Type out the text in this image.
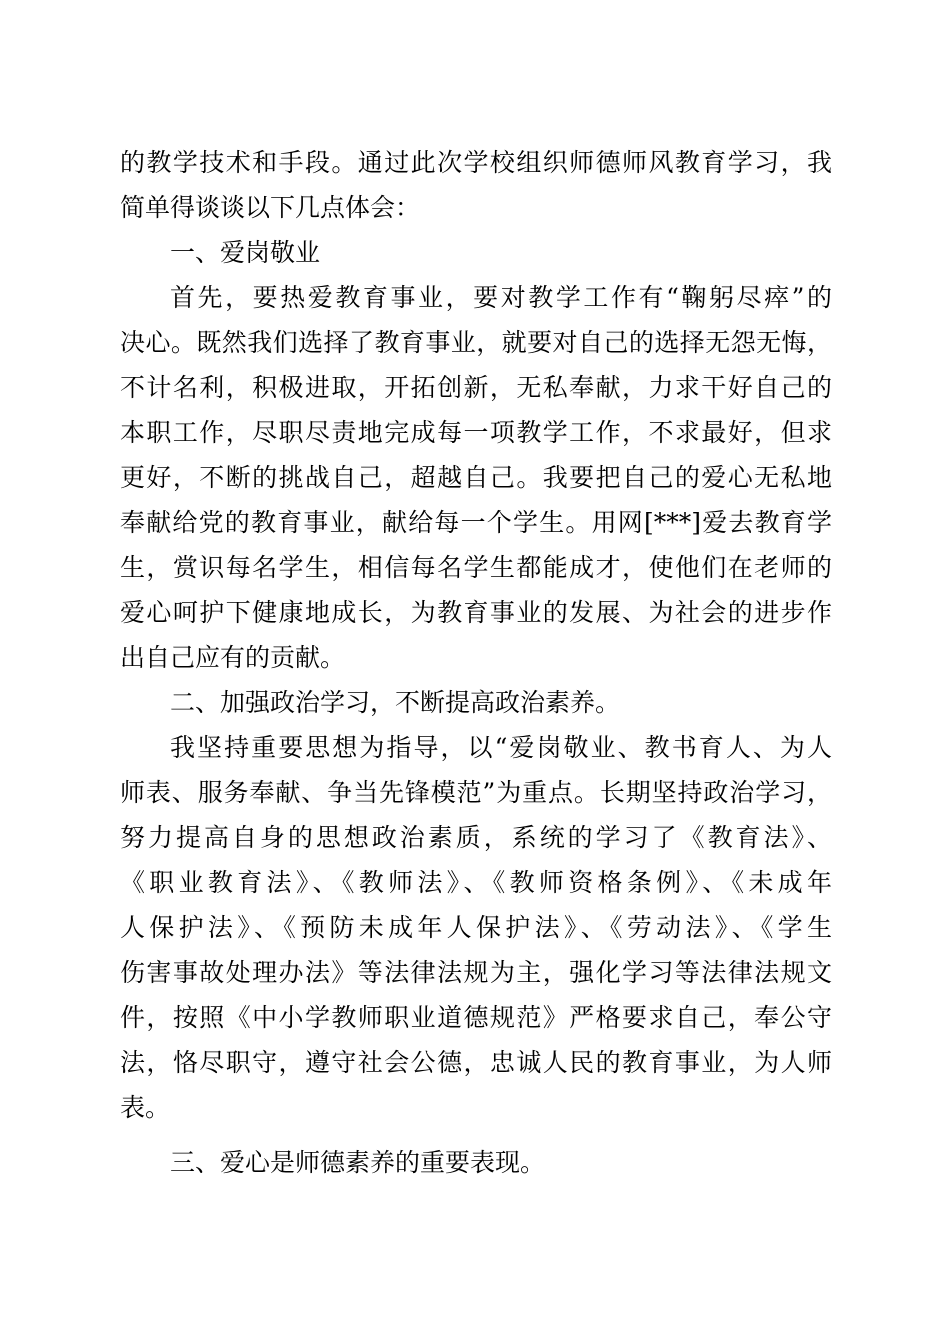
的教学技术和手段。通过此次学校组织师德师风教育学习，我
简单得谈谈以下几点体会：
一、爱岗敬业
首先，要热爱教育事业，要对教学工作有“鞠躬尽瘁”的
决心。既然我们选择了教育事业，就要对自己的选择无怨无悔，
不计名利，积极进取，开拓创新，无私奉献，力求干好自己的
本职工作，尽职尽责地完成每一项教学工作，不求最好，但求
更好，不断的挑战自己，超越自己。我要把自己的爱心无私地
奉献给党的教育事业，献给每一个学生。用网[***]爱去教育学
生，赏识每名学生，相信每名学生都能成才，使他们在老师的
爱心呵护下健康地成长，为教育事业的发展、为社会的进步作
出自己应有的贡献。
二、加强政治学习，不断提高政治素养。
我坚持重要思想为指导，以“爱岗敬业、教书育人、为人
师表、服务奉献、争当先锋模范”为重点。长期坚持政治学习，
努力提高自身的思想政治素质，系统的学习了《教育法》、
《职业教育法》、《教师法》、《教师资格条例》、《未成年
人保护法》、《预防未成年人保护法》、《劳动法》、《学生
伤害事故处理办法》等法律法规为主，强化学习等法律法规文
件，按照《中小学教师职业道德规范》严格要求自己，奉公守
法，恪尽职守，遵守社会公德，忠诚人民的教育事业，为人师
表。
三、爱心是师德素养的重要表现。
